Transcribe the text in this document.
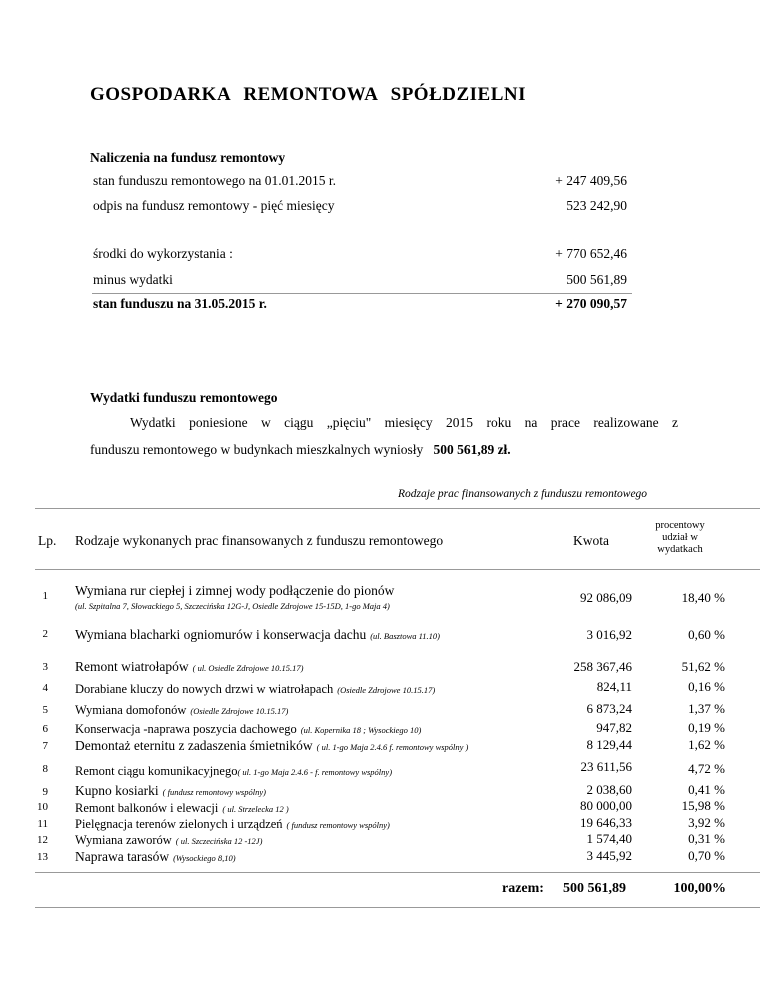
GOSPODARKA REMONTOWA SPÓŁDZIELNI
Naliczenia na fundusz remontowy
stan funduszu remontowego na 01.01.2015 r.	+ 247 409,56
odpis na fundusz remontowy - pięć miesięcy	523 242,90
środki do wykorzystania :	+ 770 652,46
minus wydatki	500 561,89
stan funduszu na 31.05.2015 r.	+ 270 090,57
Wydatki funduszu remontowego
Wydatki poniesione w ciągu „pięciu" miesięcy 2015 roku na prace realizowane z
funduszu remontowego w budynkach mieszkalnych wyniosły 500 561,89 zł.
Rodzaje prac finansowanych z funduszu remontowego
Lp. Rodzaje wykonanych prac finansowanych z funduszu remontowego	Kwota
procentowy
udział w
wydatkach
1 Wymiana rur ciepłej i zimnej wody podłączenie do pionów
(ul. Szpitalna 7, Słowackiego 5, Szczecińska 12G-J, Osiedle Zdrojowe 15-15D, 1-go Maja 4)
92 086,09	18,40 %
2 Wymiana blacharki ogniomurów i konserwacja dachu (ul. Basztowa 11.10)	3 016,92	0,60 %
3 Remont wiatrołapów ( ul. Osiedle Zdrojowe 10.15.17)	258 367,46	51,62 %
4 Dorabiane kluczy do nowych drzwi w wiatrołapach (Osiedle Zdrojowe 10.15.17)	824,11	0,16 %
5 Wymiana domofonów (Osiedle Zdrojowe 10.15.17)	6 873,24	1,37 %
6 Konserwacja -naprawa poszycia dachowego (ul. Kopernika 18 ; Wysockiego 10)	947,82	0,19 %
7 Demontaż eternitu z zadaszenia śmietników ( ul. 1-go Maja 2.4.6 f. remontowy wspólny )	8 129,44	1,62 %
8 Remont ciągu komunikacyjnego( ul. 1-go Maja 2.4.6 - f. remontowy wspólny)	23 611,56	4,72 %
9 Kupno kosiarki ( fundusz remontowy wspólny)	2 038,60	0,41 %
10 Remont balkonów i elewacji ( ul. Strzelecka 12 )	80 000,00	15,98 %
11 Pielęgnacja terenów zielonych i urządzeń ( fundusz remontowy wspólny)	19 646,33	3,92 %
12 Wymiana zaworów ( ul. Szczecińska 12 -12J)	1 574,40	0,31 %
13 Naprawa tarasów (Wysockiego 8,10)	3 445,92	0,70 %
razem: 500 561,89	100,00%
